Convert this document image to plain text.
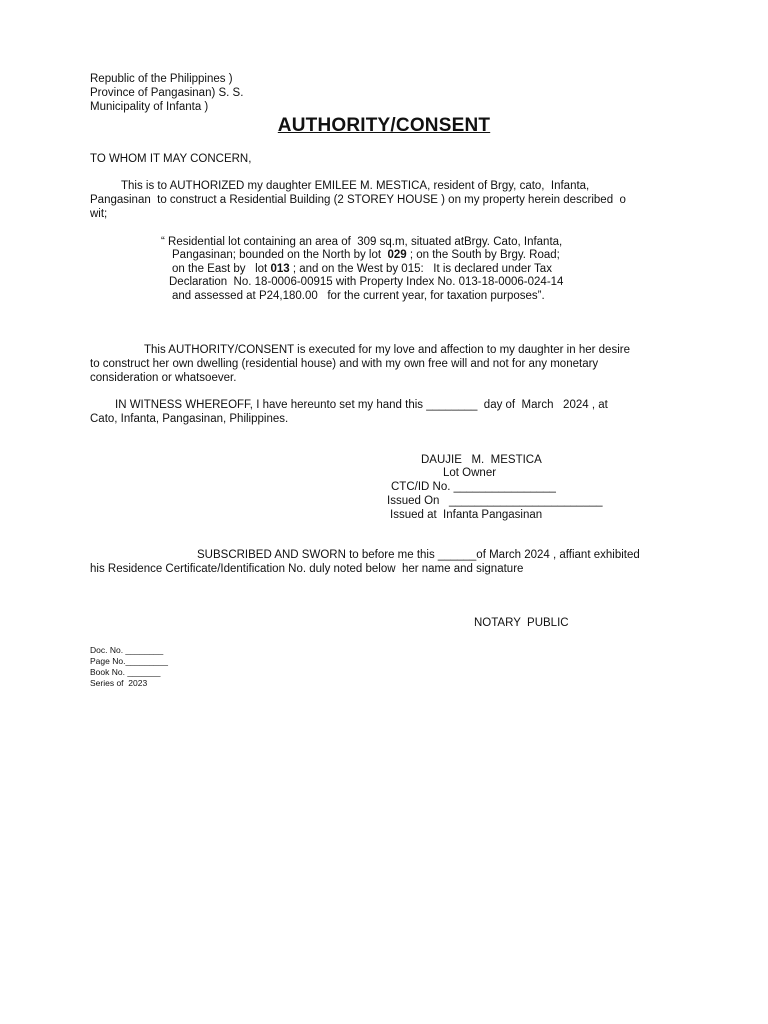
Republic of the Philippines )
Province of Pangasinan) S. S.
Municipality of Infanta )
AUTHORITY/CONSENT
TO WHOM IT MAY CONCERN,
This is to AUTHORIZED my daughter EMILEE M. MESTICA, resident of Brgy, cato,  Infanta,
Pangasinan  to construct a Residential Building (2 STOREY HOUSE ) on my property herein described  o
wit;
“ Residential lot containing an area of  309 sq.m, situated atBrgy. Cato, Infanta,
Pangasinan; bounded on the North by lot  029 ; on the South by Brgy. Road;
on the East by   lot 013 ; and on the West by 015:   It is declared under Tax
Declaration  No. 18-0006-00915 with Property Index No. 013-18-0006-024-14
and assessed at P24,180.00   for the current year, for taxation purposes”.
This AUTHORITY/CONSENT is executed for my love and affection to my daughter in her desire
to construct her own dwelling (residential house) and with my own free will and not for any monetary
consideration or whatsoever.
IN WITNESS WHEREOFF, I have hereunto set my hand this ________  day of  March   2024 , at
Cato, Infanta, Pangasinan, Philippines.
DAUJIE   M.  MESTICA
Lot Owner
CTC/ID No. ________________
Issued On   ________________________
Issued at  Infanta Pangasinan
SUBSCRIBED AND SWORN to before me this ______of March 2024 , affiant exhibited
his Residence Certificate/Identification No. duly noted below  her name and signature
NOTARY  PUBLIC
Doc. No. ________
Page No._________
Book No. _______
Series of  2023
